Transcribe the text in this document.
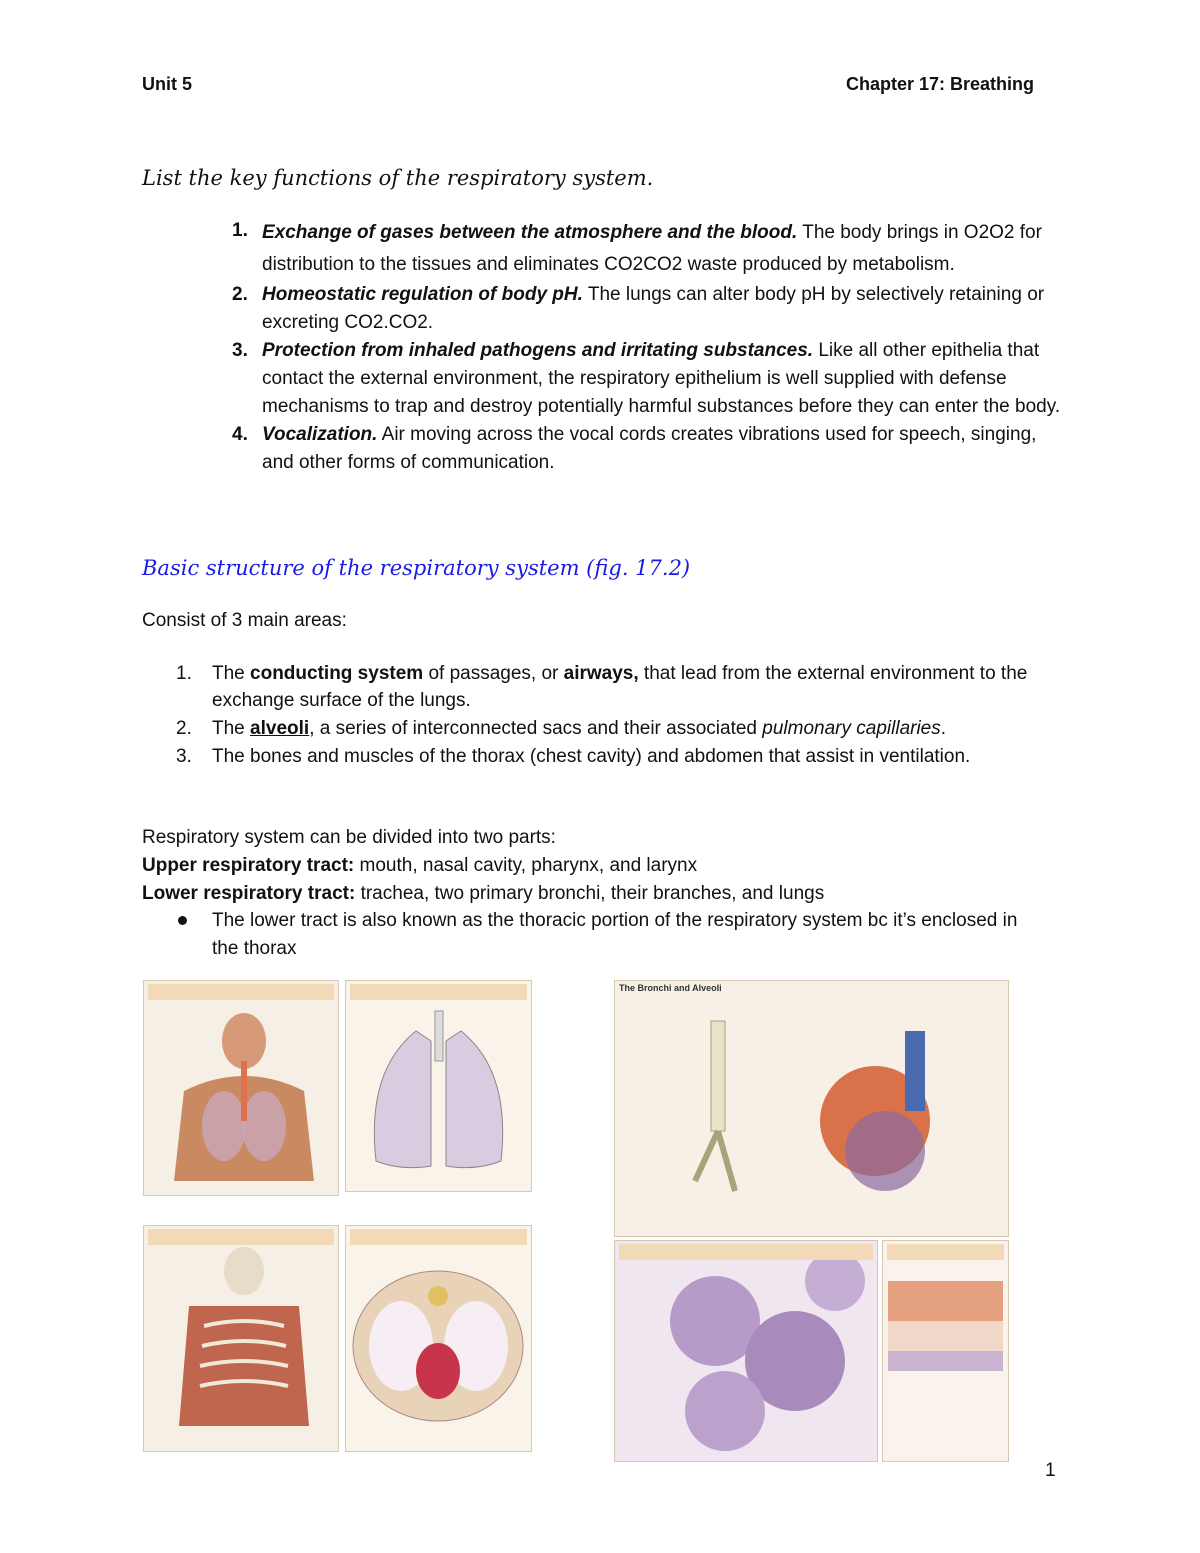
Unit 5	Chapter 17: Breathing
List the key functions of the respiratory system.
1. Exchange of gases between the atmosphere and the blood. The body brings in O2O2 for distribution to the tissues and eliminates CO2CO2 waste produced by metabolism.
2. Homeostatic regulation of body pH. The lungs can alter body pH by selectively retaining or excreting CO2.CO2.
3. Protection from inhaled pathogens and irritating substances. Like all other epithelia that contact the external environment, the respiratory epithelium is well supplied with defense mechanisms to trap and destroy potentially harmful substances before they can enter the body.
4. Vocalization. Air moving across the vocal cords creates vibrations used for speech, singing, and other forms of communication.
Basic structure of the respiratory system (fig. 17.2)
Consist of 3 main areas:
1. The conducting system of passages, or airways, that lead from the external environment to the exchange surface of the lungs.
2. The alveoli, a series of interconnected sacs and their associated pulmonary capillaries.
3. The bones and muscles of the thorax (chest cavity) and abdomen that assist in ventilation.
Respiratory system can be divided into two parts:
Upper respiratory tract: mouth, nasal cavity, pharynx, and larynx
Lower respiratory tract: trachea, two primary bronchi, their branches, and lungs
The lower tract is also known as the thoracic portion of the respiratory system bc it’s enclosed in the thorax
The Bronchi and Alveoli
1
